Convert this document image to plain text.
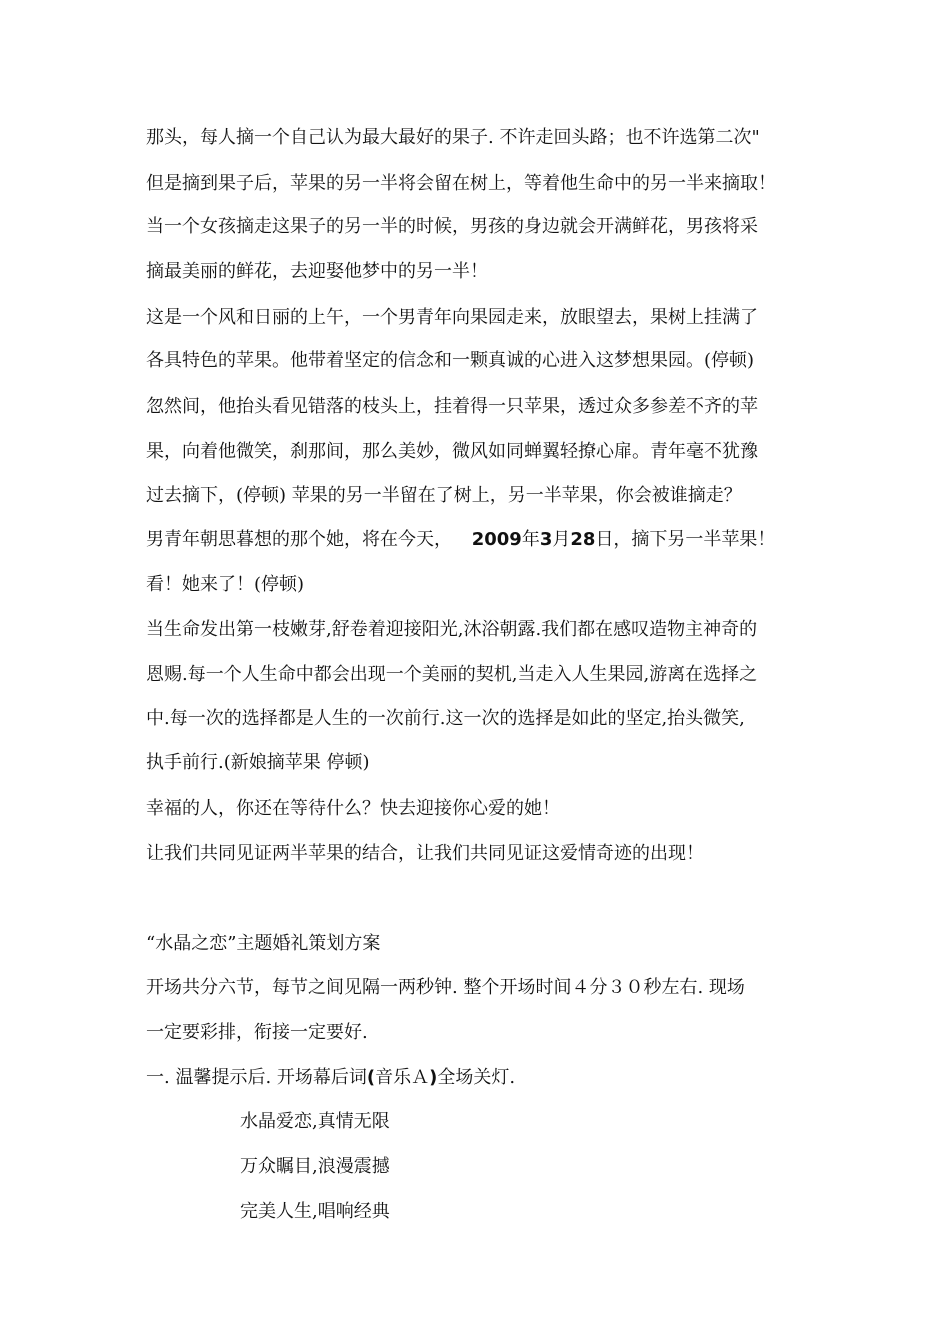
那头，每人摘一个自己认为最大最好的果子. 不许走回头路；也不许选第二次"
但是摘到果子后，苹果的另一半将会留在树上，等着他生命中的另一半来摘取！
当一个女孩摘走这果子的另一半的时候，男孩的身边就会开满鲜花，男孩将采
摘最美丽的鲜花，去迎娶他梦中的另一半！
这是一个风和日丽的上午，一个男青年向果园走来，放眼望去，果树上挂满了
各具特色的苹果。他带着坚定的信念和一颗真诚的心进入这梦想果园。(停顿)
忽然间，他抬头看见错落的枝头上，挂着得一只苹果，透过众多参差不齐的苹
果，向着他微笑，刹那间，那么美妙，微风如同蝉翼轻撩心扉。青年毫不犹豫
过去摘下，(停顿) 苹果的另一半留在了树上，另一半苹果，你会被谁摘走？
男青年朝思暮想的那个她，将在今天， 2009年3月28日，摘下另一半苹果！
看！她来了！(停顿)
当生命发出第一枝嫩芽,舒卷着迎接阳光,沐浴朝露.我们都在感叹造物主神奇的
恩赐.每一个人生命中都会出现一个美丽的契机,当走入人生果园,游离在选择之
中.每一次的选择都是人生的一次前行.这一次的选择是如此的坚定,抬头微笑,
执手前行.(新娘摘苹果 停顿)
幸福的人，你还在等待什么？快去迎接你心爱的她！
让我们共同见证两半苹果的结合，让我们共同见证这爱情奇迹的出现！
“水晶之恋”主题婚礼策划方案
开场共分六节，每节之间见隔一两秒钟. 整个开场时间４分３０秒左右. 现场
一定要彩排，衔接一定要好.
一. 温馨提示后. 开场幕后词(音乐Ａ)全场关灯.
水晶爱恋,真情无限
万众瞩目,浪漫震撼
完美人生,唱响经典
